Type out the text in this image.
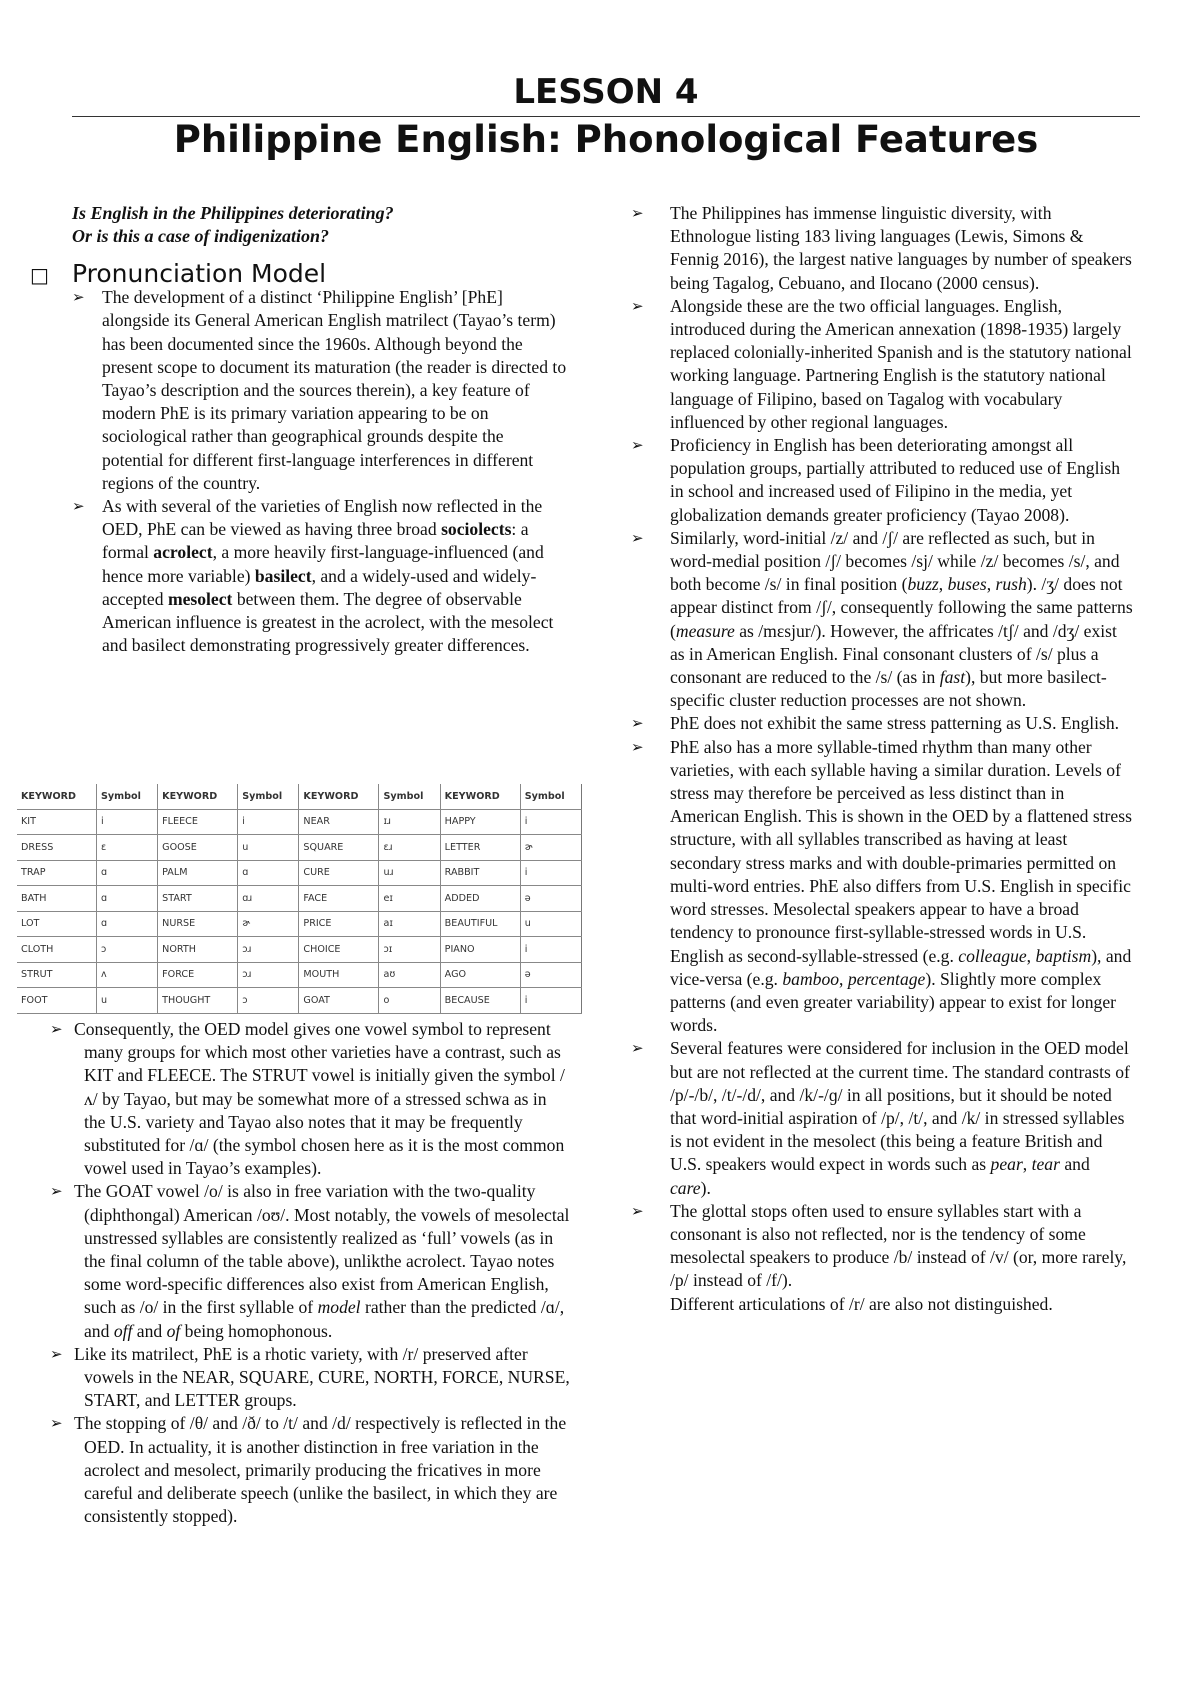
LESSON 4
Philippine English: Phonological Features
Is English in the Philippines deteriorating?
Or is this a case of indigenization?
□ Pronunciation Model
➢ The development of a distinct ‘Philippine English’ [PhE] alongside its General American English matrilect (Tayao’s term) has been documented since the 1960s. Although beyond the present scope to document its maturation (the reader is directed to Tayao’s description and the sources therein), a key feature of modern PhE is its primary variation appearing to be on sociological rather than geographical grounds despite the potential for different first-language interferences in different regions of the country.
➢ As with several of the varieties of English now reflected in the OED, PhE can be viewed as having three broad sociolects: a formal acrolect, a more heavily first-language-influenced (and hence more variable) basilect, and a widely-used and widely-accepted mesolect between them. The degree of observable American influence is greatest in the acrolect, with the mesolect and basilect demonstrating progressively greater differences.
KEYWORD	Symbol	KEYWORD	Symbol	KEYWORD	Symbol	KEYWORD	Symbol
KIT	i	FLEECE	i	NEAR	ɪɹ	HAPPY	i
DRESS	ɛ	GOOSE	u	SQUARE	ɛɹ	LETTER	ɚ
TRAP	ɑ	PALM	ɑ	CURE	uɹ	RABBIT	i
BATH	ɑ	START	ɑɹ	FACE	eɪ	ADDED	ə
LOT	ɑ	NURSE	ɚ	PRICE	aɪ	BEAUTIFUL	u
CLOTH	ɔ	NORTH	ɔɹ	CHOICE	ɔɪ	PIANO	i
STRUT	ʌ	FORCE	ɔɹ	MOUTH	aʊ	AGO	ə
FOOT	u	THOUGHT	ɔ	GOAT	o	BECAUSE	i
➢ Consequently, the OED model gives one vowel symbol to represent many groups for which most other varieties have a contrast, such as KIT and FLEECE. The STRUT vowel is initially given the symbol /ʌ/ by Tayao, but may be somewhat more of a stressed schwa as in the U.S. variety and Tayao also notes that it may be frequently substituted for /ɑ/ (the symbol chosen here as it is the most common vowel used in Tayao’s examples).
➢ The GOAT vowel /o/ is also in free variation with the two-quality (diphthongal) American /oʊ/. Most notably, the vowels of mesolectal unstressed syllables are consistently realized as ‘full’ vowels (as in the final column of the table above), unlikthe acrolect. Tayao notes some word-specific differences also exist from American English, such as /o/ in the first syllable of model rather than the predicted /ɑ/, and off and of being homophonous.
➢ Like its matrilect, PhE is a rhotic variety, with /r/ preserved after vowels in the NEAR, SQUARE, CURE, NORTH, FORCE, NURSE, START, and LETTER groups.
➢ The stopping of /θ/ and /ð/ to /t/ and /d/ respectively is reflected in the OED. In actuality, it is another distinction in free variation in the acrolect and mesolect, primarily producing the fricatives in more careful and deliberate speech (unlike the basilect, in which they are consistently stopped).
➢ The Philippines has immense linguistic diversity, with Ethnologue listing 183 living languages (Lewis, Simons & Fennig 2016), the largest native languages by number of speakers being Tagalog, Cebuano, and Ilocano (2000 census).
➢ Alongside these are the two official languages. English, introduced during the American annexation (1898-1935) largely replaced colonially-inherited Spanish and is the statutory national working language. Partnering English is the statutory national language of Filipino, based on Tagalog with vocabulary influenced by other regional languages.
➢ Proficiency in English has been deteriorating amongst all population groups, partially attributed to reduced use of English in school and increased used of Filipino in the media, yet globalization demands greater proficiency (Tayao 2008).
➢ Similarly, word-initial /z/ and /ʃ/ are reflected as such, but in word-medial position /ʃ/ becomes /sj/ while /z/ becomes /s/, and both become /s/ in final position (buzz, buses, rush). /ʒ/ does not appear distinct from /ʃ/, consequently following the same patterns (measure as /mɛsjur/). However, the affricates /tʃ/ and /dʒ/ exist as in American English. Final consonant clusters of /s/ plus a consonant are reduced to the /s/ (as in fast), but more basilect-specific cluster reduction processes are not shown.
➢ PhE does not exhibit the same stress patterning as U.S. English.
➢ PhE also has a more syllable-timed rhythm than many other varieties, with each syllable having a similar duration. Levels of stress may therefore be perceived as less distinct than in American English. This is shown in the OED by a flattened stress structure, with all syllables transcribed as having at least secondary stress marks and with double-primaries permitted on multi-word entries. PhE also differs from U.S. English in specific word stresses. Mesolectal speakers appear to have a broad tendency to pronounce first-syllable-stressed words in U.S. English as second-syllable-stressed (e.g. colleague, baptism), and vice-versa (e.g. bamboo, percentage). Slightly more complex patterns (and even greater variability) appear to exist for longer words.
➢ Several features were considered for inclusion in the OED model but are not reflected at the current time. The standard contrasts of /p/-/b/, /t/-/d/, and /k/-/ɡ/ in all positions, but it should be noted that word-initial aspiration of /p/, /t/, and /k/ in stressed syllables is not evident in the mesolect (this being a feature British and U.S. speakers would expect in words such as pear, tear and care).
➢ The glottal stops often used to ensure syllables start with a consonant is also not reflected, nor is the tendency of some mesolectal speakers to produce /b/ instead of /v/ (or, more rarely, /p/ instead of /f/).
Different articulations of /r/ are also not distinguished.
